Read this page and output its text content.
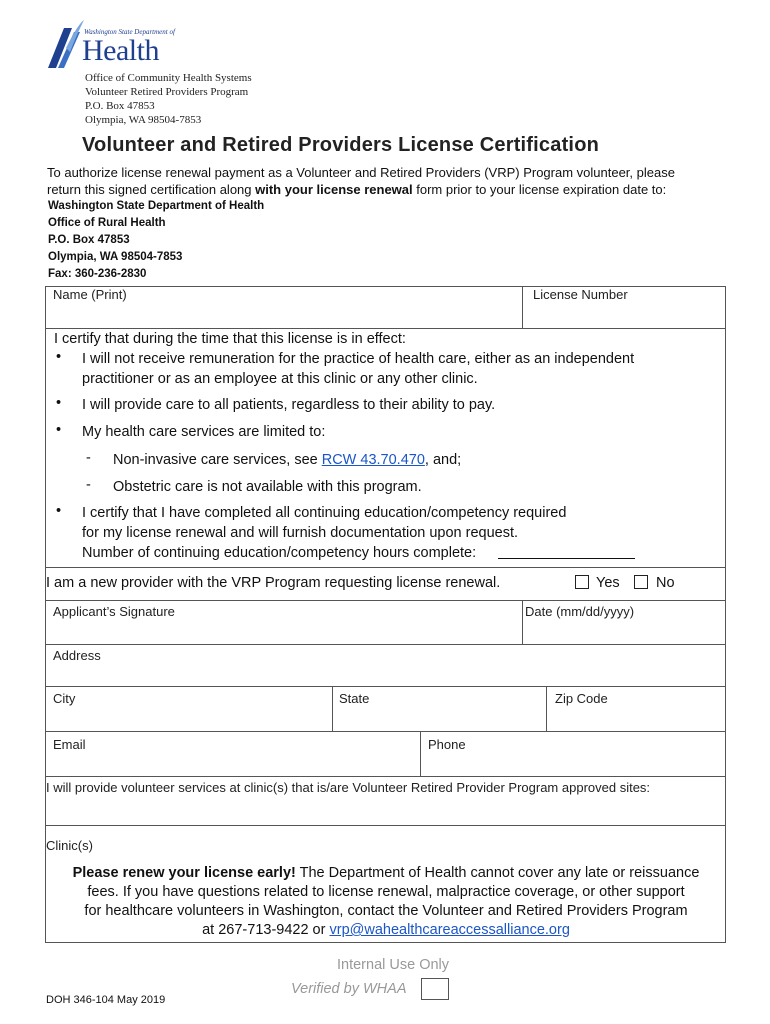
Washington State Department of
Health
Office of Community Health Systems
Volunteer Retired Providers Program
P.O. Box 47853
Olympia, WA 98504-7853
Volunteer and Retired Providers License Certification
To authorize license renewal payment as a Volunteer and Retired Providers (VRP) Program volunteer, please
return this signed certification along with your license renewal form prior to your license expiration date to:
Washington State Department of Health
Office of Rural Health
P.O. Box 47853
Olympia, WA 98504-7853
Fax: 360-236-2830
Name (Print)	License Number
I certify that during the time that this license is in effect:
• I will not receive remuneration for the practice of health care, either as an independent
practitioner or as an employee at this clinic or any other clinic.
• I will provide care to all patients, regardless to their ability to pay.
• My health care services are limited to:
- Non-invasive care services, see RCW 43.70.470, and;
- Obstetric care is not available with this program.
• I certify that I have completed all continuing education/competency required
for my license renewal and will furnish documentation upon request.
Number of continuing education/competency hours complete:
I am a new provider with the VRP Program requesting license renewal.	Yes	No
Applicant’s Signature	Date (mm/dd/yyyy)
Address
City	State	Zip Code
Email	Phone
I will provide volunteer services at clinic(s) that is/are Volunteer Retired Provider Program approved sites:
Clinic(s)
Please renew your license early! The Department of Health cannot cover any late or reissuance
fees. If you have questions related to license renewal, malpractice coverage, or other support
for healthcare volunteers in Washington, contact the Volunteer and Retired Providers Program
at 267-713-9422 or vrp@wahealthcareaccessalliance.org
Internal Use Only
Verified by WHAA
DOH 346-104 May 2019
